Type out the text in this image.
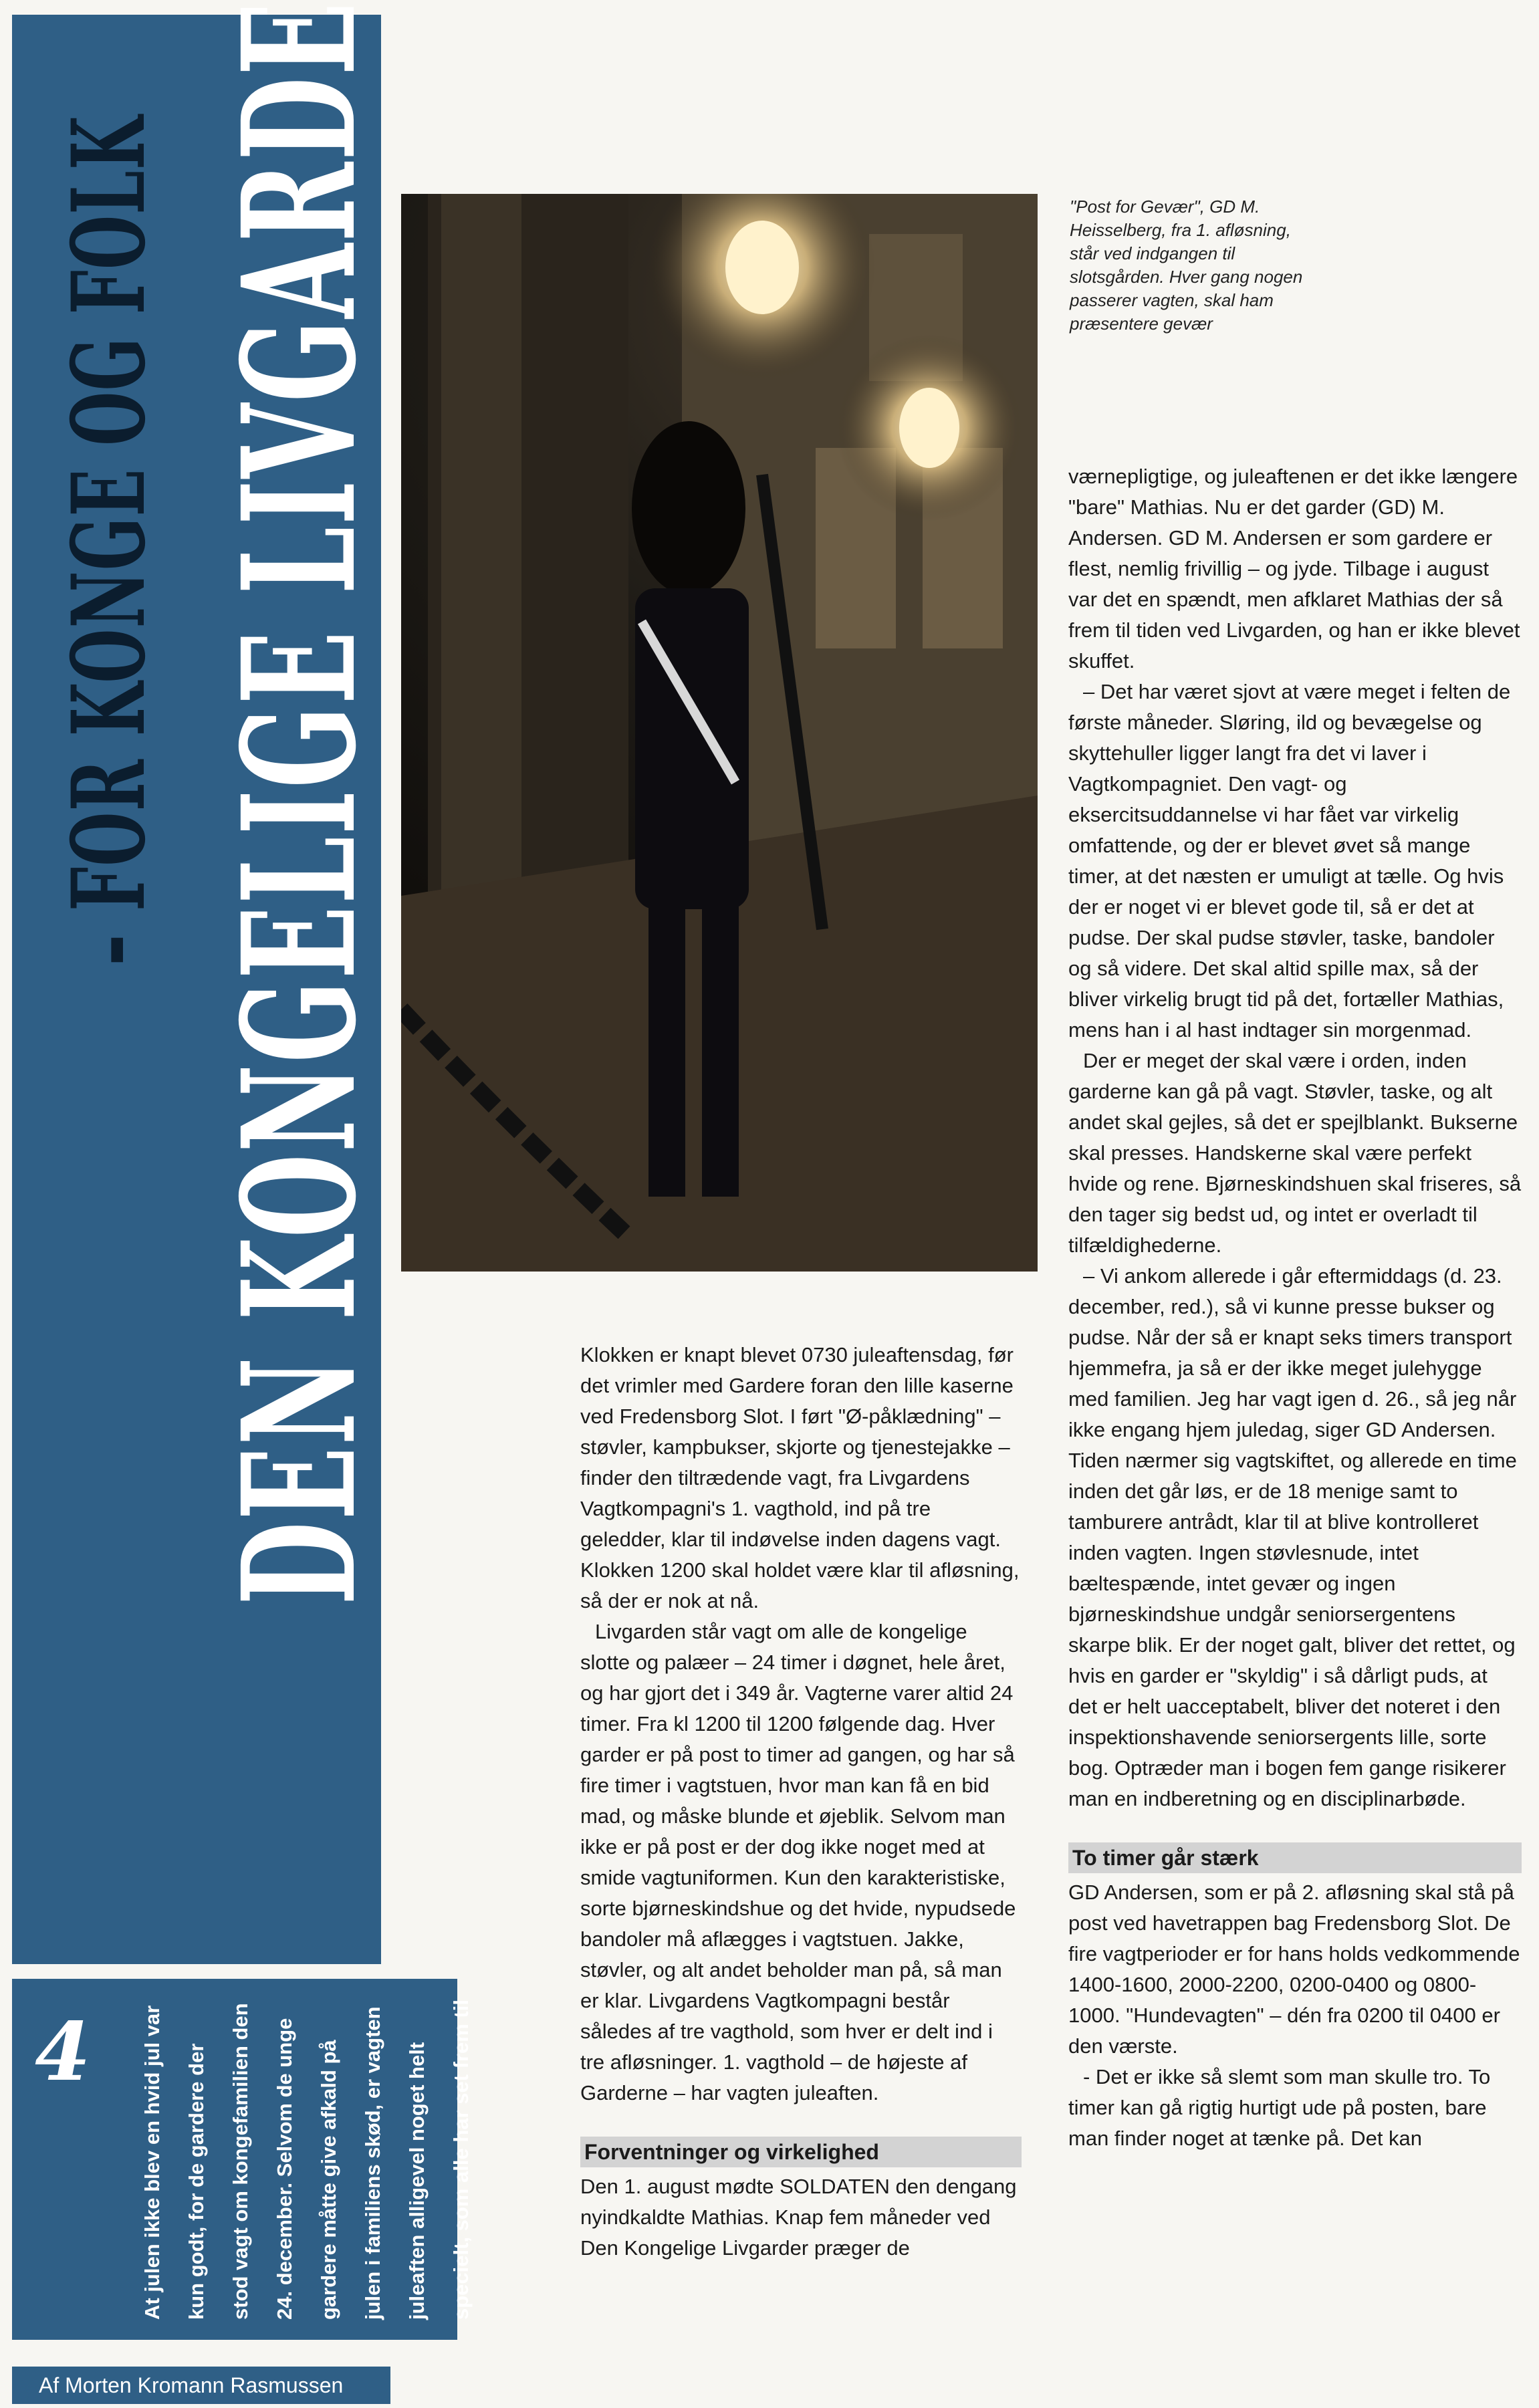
– FOR KONGE OG FOLK DEN KONGELIGE LIVGARDE
4	At julen ikke blev en hvid jul var kun godt, for de gardere der stod vagt om kongefamilien den 24. december. Selvom de unge gardere måtte give afkald på julen i familiens skød, er vagten juleaften alligevel noget helt specielt, som alle har set frem til

Af Morten Kromann Rasmussen

"Post for Gevær", GD M. Heisselberg, fra 1. afløsning, står ved indgangen til slotsgården. Hver gang nogen passerer vagten, skal ham præsentere gevær

Klokken er knapt blevet 0730 juleaftensdag, før det vrimler med Gardere foran den lille kaserne ved Fredensborg Slot. I ført "Ø-påklædning" – støvler, kampbukser, skjorte og tjenestejakke – finder den tiltrædende vagt, fra Livgardens Vagtkompagni's 1. vagthold, ind på tre geledder, klar til indøvelse inden dagens vagt. Klokken 1200 skal holdet være klar til afløsning, så der er nok at nå.

Livgarden står vagt om alle de kongelige slotte og palæer – 24 timer i døgnet, hele året, og har gjort det i 349 år. Vagterne varer altid 24 timer. Fra kl 1200 til 1200 følgende dag. Hver garder er på post to timer ad gangen, og har så fire timer i vagtstuen, hvor man kan få en bid mad, og måske blunde et øjeblik. Selvom man ikke er på post er der dog ikke noget med at smide vagtuniformen. Kun den karakteristiske, sorte bjørneskindshue og det hvide, nypudsede bandoler må aflægges i vagtstuen. Jakke, støvler, og alt andet beholder man på, så man er klar. Livgardens Vagtkompagni består således af tre vagthold, som hver er delt ind i tre afløsninger. 1. vagthold – de højeste af Garderne – har vagten juleaften.

Forventninger og virkelighed

Den 1. august mødte SOLDATEN den dengang nyindkaldte Mathias. Knap fem måneder ved Den Kongelige Livgarder præger de

værnepligtige, og juleaftenen er det ikke længere "bare" Mathias. Nu er det garder (GD) M. Andersen. GD M. Andersen er som gardere er flest, nemlig frivillig – og jyde. Tilbage i august var det en spændt, men afklaret Mathias der så frem til tiden ved Livgarden, og han er ikke blevet skuffet.

– Det har været sjovt at være meget i felten de første måneder. Sløring, ild og bevægelse og skyttehuller ligger langt fra det vi laver i Vagtkompagniet. Den vagt- og eksercitsuddannelse vi har fået var virkelig omfattende, og der er blevet øvet så mange timer, at det næsten er umuligt at tælle. Og hvis der er noget vi er blevet gode til, så er det at pudse. Der skal pudse støvler, taske, bandoler og så videre. Det skal altid spille max, så der bliver virkelig brugt tid på det, fortæller Mathias, mens han i al hast indtager sin morgenmad.

Der er meget der skal være i orden, inden garderne kan gå på vagt. Støvler, taske, og alt andet skal gejles, så det er spejlblankt. Bukserne skal presses. Handskerne skal være perfekt hvide og rene. Bjørneskindshuen skal friseres, så den tager sig bedst ud, og intet er overladt til tilfældighederne.

– Vi ankom allerede i går eftermiddags (d. 23. december, red.), så vi kunne presse bukser og pudse. Når der så er knapt seks timers transport hjemmefra, ja så er der ikke meget julehygge med familien. Jeg har vagt igen d. 26., så jeg når ikke engang hjem juledag, siger GD Andersen.

Tiden nærmer sig vagtskiftet, og allerede en time inden det går løs, er de 18 menige samt to tamburere antrådt, klar til at blive kontrolleret inden vagten. Ingen støvlesnude, intet bæltespænde, intet gevær og ingen bjørneskindshue undgår seniorsergentens skarpe blik. Er der noget galt, bliver det rettet, og hvis en garder er "skyldig" i så dårligt puds, at det er helt uacceptabelt, bliver det noteret i den inspektionshavende seniorsergents lille, sorte bog. Optræder man i bogen fem gange risikerer man en indberetning og en disciplinarbøde.

To timer går stærk

GD Andersen, som er på 2. afløsning skal stå på post ved havetrappen bag Fredensborg Slot. De fire vagtperioder er for hans holds vedkommende 1400-1600, 2000-2200, 0200-0400 og 0800-1000. "Hundevagten" – dén fra 0200 til 0400 er den værste.

- Det er ikke så slemt som man skulle tro. To timer kan gå rigtig hurtigt ude på posten, bare man finder noget at tænke på. Det kan
